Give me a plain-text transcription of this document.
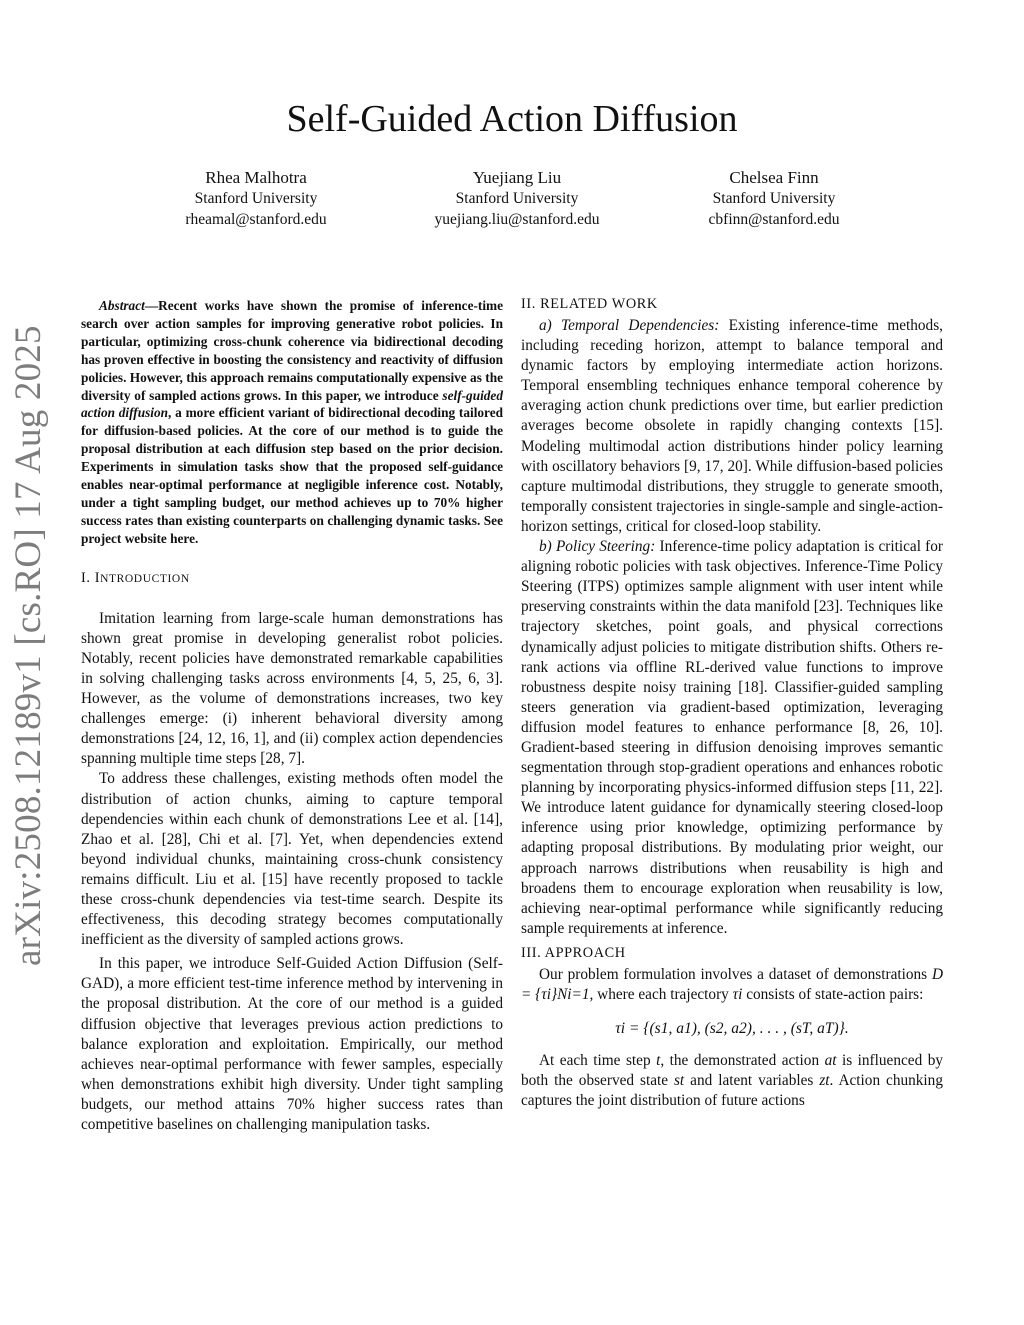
arXiv:2508.12189v1 [cs.RO] 17 Aug 2025
Self-Guided Action Diffusion
Rhea Malhotra
Stanford University
rheamal@stanford.edu
Yuejiang Liu
Stanford University
yuejiang.liu@stanford.edu
Chelsea Finn
Stanford University
cbfinn@stanford.edu

Abstract—Recent works have shown the promise of inference-time search over action samples for improving generative robot policies. In particular, optimizing cross-chunk coherence via bidirectional decoding has proven effective in boosting the consistency and reactivity of diffusion policies. However, this approach remains computationally expensive as the diversity of sampled actions grows. In this paper, we introduce self-guided action diffusion, a more efficient variant of bidirectional decoding tailored for diffusion-based policies. At the core of our method is to guide the proposal distribution at each diffusion step based on the prior decision. Experiments in simulation tasks show that the proposed self-guidance enables near-optimal performance at negligible inference cost. Notably, under a tight sampling budget, our method achieves up to 70% higher success rates than existing counterparts on challenging dynamic tasks. See project website here.

I. INTRODUCTION

Imitation learning from large-scale human demonstrations has shown great promise in developing generalist robot policies. Notably, recent policies have demonstrated remarkable capabilities in solving challenging tasks across environments [4, 5, 25, 6, 3]. However, as the volume of demonstrations increases, two key challenges emerge: (i) inherent behavioral diversity among demonstrations [24, 12, 16, 1], and (ii) complex action dependencies spanning multiple time steps [28, 7].

To address these challenges, existing methods often model the distribution of action chunks, aiming to capture temporal dependencies within each chunk of demonstrations Lee et al. [14], Zhao et al. [28], Chi et al. [7]. Yet, when dependencies extend beyond individual chunks, maintaining cross-chunk consistency remains difficult. Liu et al. [15] have recently proposed to tackle these cross-chunk dependencies via test-time search. Despite its effectiveness, this decoding strategy becomes computationally inefficient as the diversity of sampled actions grows.

In this paper, we introduce Self-Guided Action Diffusion (Self-GAD), a more efficient test-time inference method by intervening in the proposal distribution. At the core of our method is a guided diffusion objective that leverages previous action predictions to balance exploration and exploitation. Empirically, our method achieves near-optimal performance with fewer samples, especially when demonstrations exhibit high diversity. Under tight sampling budgets, our method attains 70% higher success rates than competitive baselines on challenging manipulation tasks.

II. RELATED WORK

a) Temporal Dependencies: Existing inference-time methods, including receding horizon, attempt to balance temporal and dynamic factors by employing intermediate action horizons. Temporal ensembling techniques enhance temporal coherence by averaging action chunk predictions over time, but earlier prediction averages become obsolete in rapidly changing contexts [15]. Modeling multimodal action distributions hinder policy learning with oscillatory behaviors [9, 17, 20]. While diffusion-based policies capture multimodal distributions, they struggle to generate smooth, temporally consistent trajectories in single-sample and single-action-horizon settings, critical for closed-loop stability.

b) Policy Steering: Inference-time policy adaptation is critical for aligning robotic policies with task objectives. Inference-Time Policy Steering (ITPS) optimizes sample alignment with user intent while preserving constraints within the data manifold [23]. Techniques like trajectory sketches, point goals, and physical corrections dynamically adjust policies to mitigate distribution shifts. Others re-rank actions via offline RL-derived value functions to improve robustness despite noisy training [18]. Classifier-guided sampling steers generation via gradient-based optimization, leveraging diffusion model features to enhance performance [8, 26, 10]. Gradient-based steering in diffusion denoising improves semantic segmentation through stop-gradient operations and enhances robotic planning by incorporating physics-informed diffusion steps [11, 22]. We introduce latent guidance for dynamically steering closed-loop inference using prior knowledge, optimizing performance by adapting proposal distributions. By modulating prior weight, our approach narrows distributions when reusability is high and broadens them to encourage exploration when reusability is low, achieving near-optimal performance while significantly reducing sample requirements at inference.

III. APPROACH

Our problem formulation involves a dataset of demonstrations D = {τi}Ni=1, where each trajectory τi consists of state-action pairs:

τi = {(s1, a1), (s2, a2), . . . , (sT, aT)}.

At each time step t, the demonstrated action at is influenced by both the observed state st and latent variables zt. Action chunking captures the joint distribution of future actions
